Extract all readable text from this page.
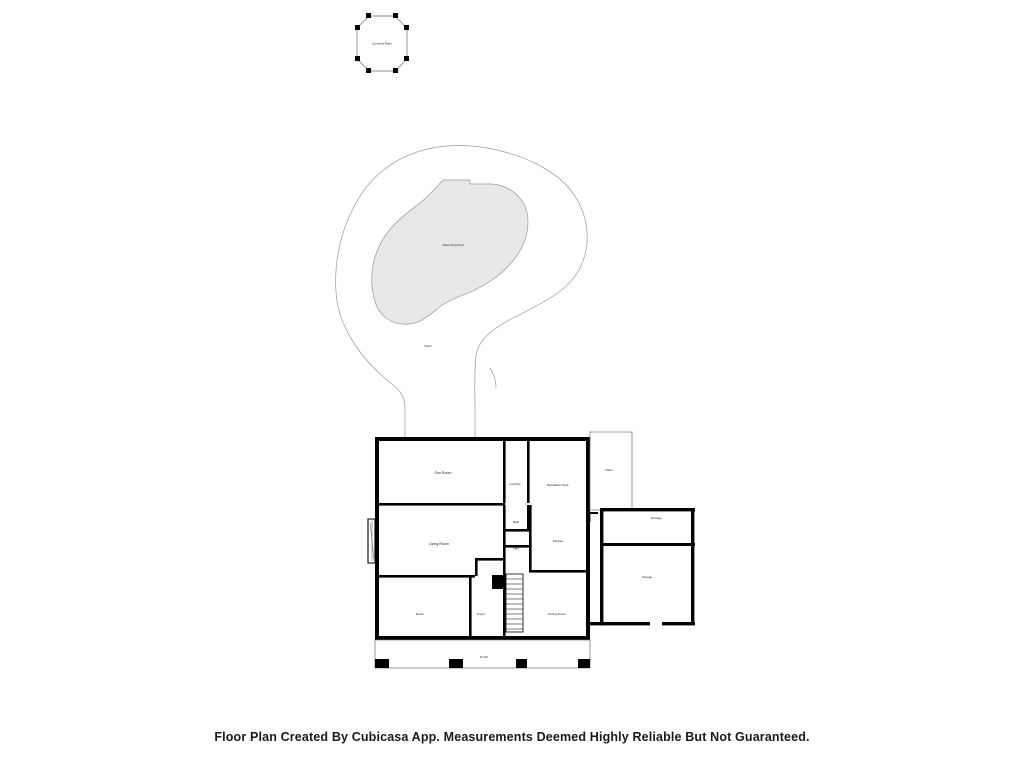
Covered Patio
Swimming Pool
Patio
Sun Room
Laundry	Breakfast Nook
Bath
Living Room
Kitchen
Hall
Room	Foyer	Dining Room
Porch
Patio
Storage
Garage
Floor Plan Created By Cubicasa App. Measurements Deemed Highly Reliable But Not Guaranteed.
